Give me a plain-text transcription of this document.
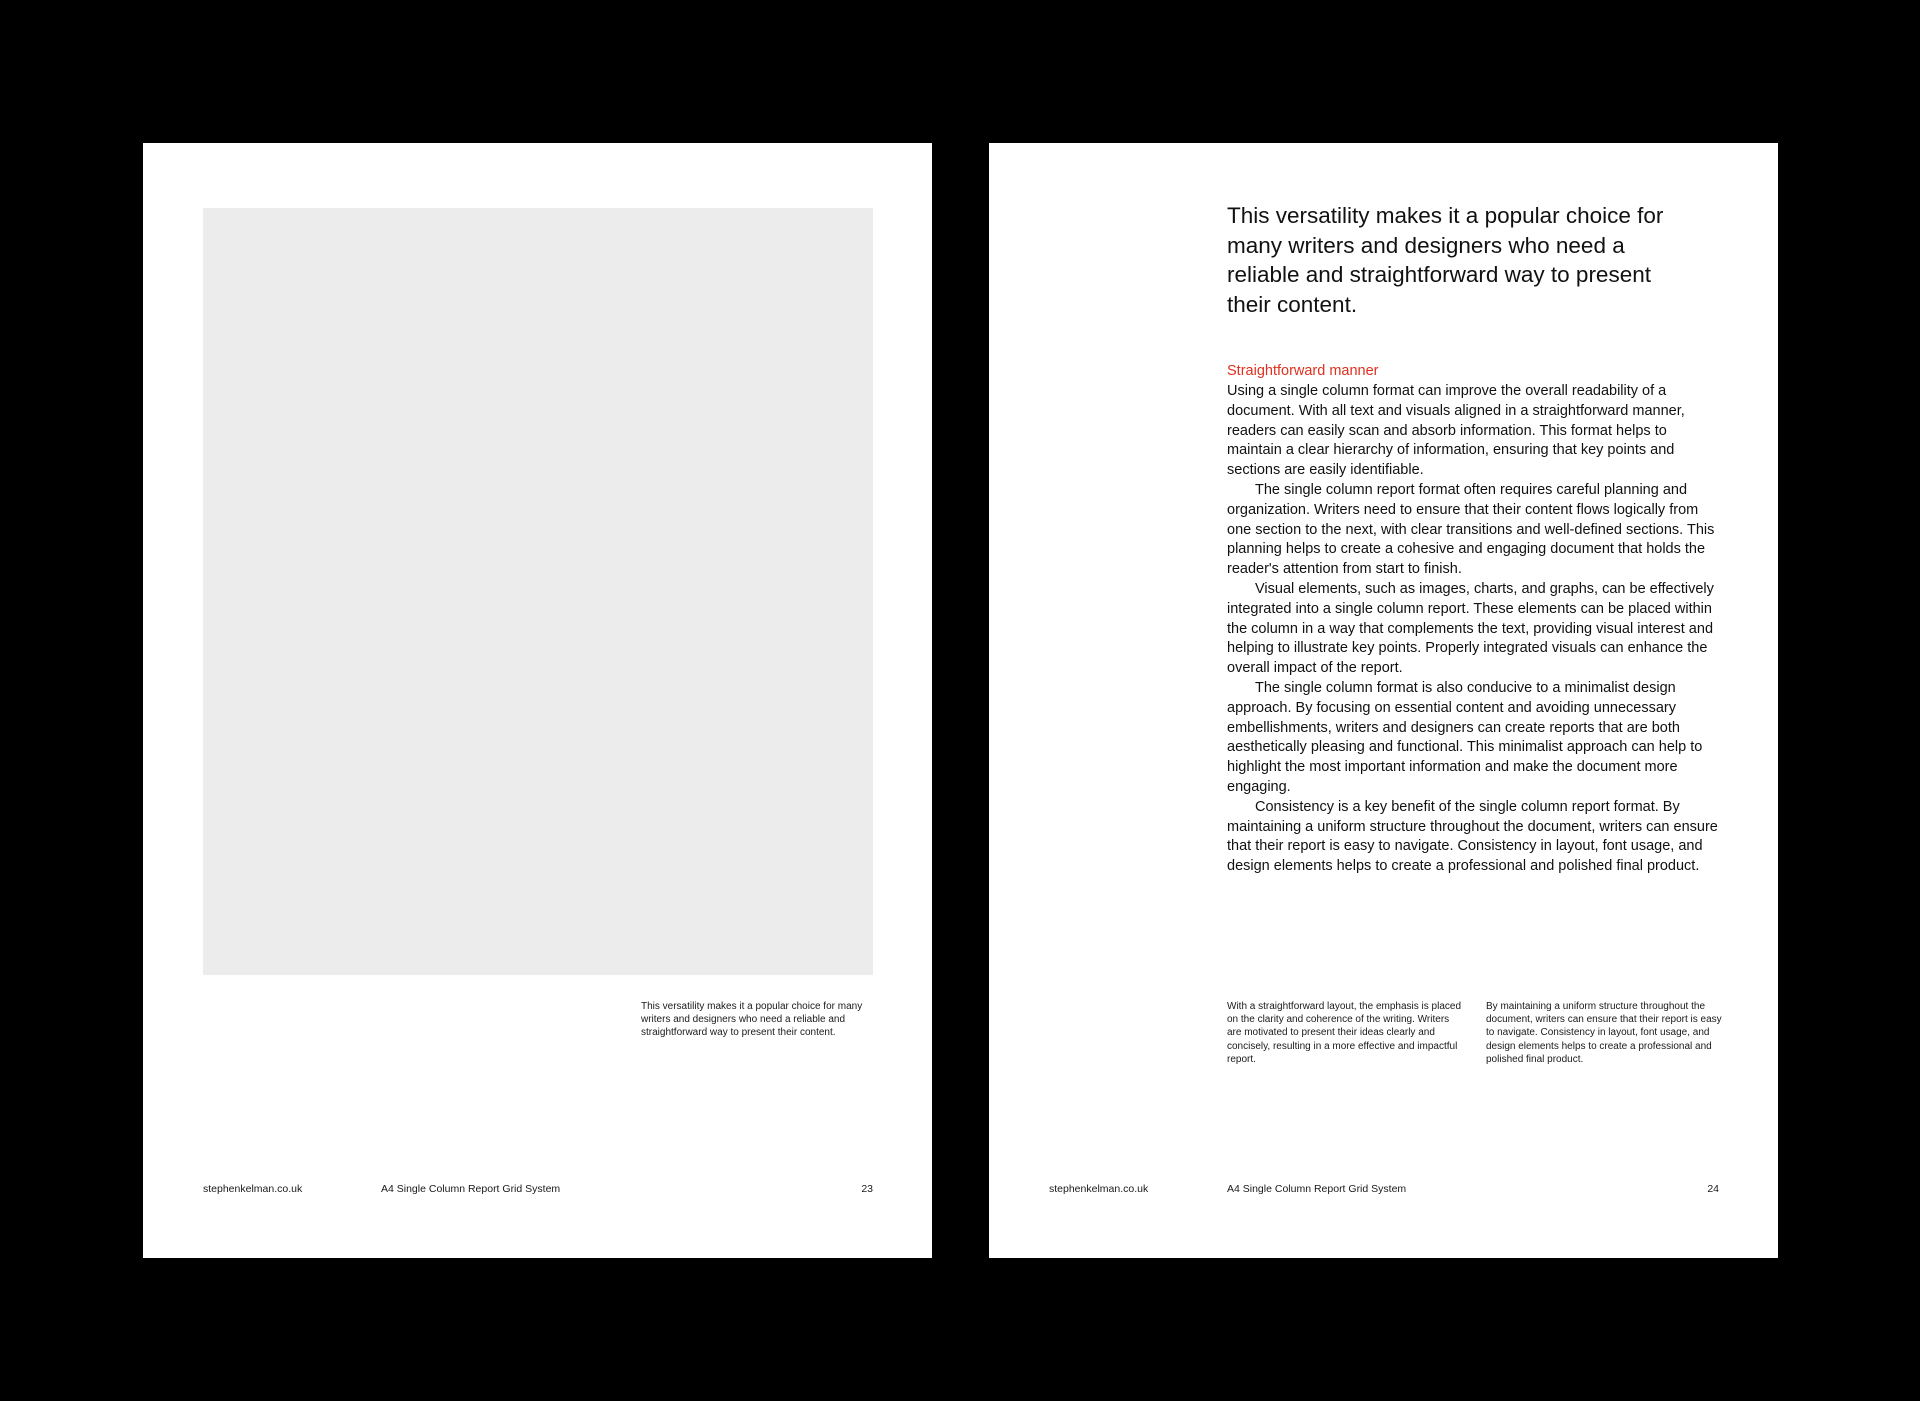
This versatility makes it a popular choice for many writers and designers who need a reliable and straightforward way to present their content.
stephenkelman.co.uk	A4 Single Column Report Grid System	23
This versatility makes it a popular choice for many writers and designers who need a reliable and straightforward way to present their content.
Straightforward manner

Using a single column format can improve the overall readability of a document. With all text and visuals aligned in a straightforward manner, readers can easily scan and absorb information. This format helps to maintain a clear hierarchy of information, ensuring that key points and sections are easily identifiable.

The single column report format often requires careful planning and organization. Writers need to ensure that their content flows logically from one section to the next, with clear transitions and well-defined sections. This planning helps to create a cohesive and engaging document that holds the reader's attention from start to finish.

Visual elements, such as images, charts, and graphs, can be effectively integrated into a single column report. These elements can be placed within the column in a way that complements the text, providing visual interest and helping to illustrate key points. Properly integrated visuals can enhance the overall impact of the report.

The single column format is also conducive to a minimalist design approach. By focusing on essential content and avoiding unnecessary embellishments, writers and designers can create reports that are both aesthetically pleasing and functional. This minimalist approach can help to highlight the most important information and make the document more engaging.

Consistency is a key benefit of the single column report format. By maintaining a uniform structure throughout the document, writers can ensure that their report is easy to navigate. Consistency in layout, font usage, and design elements helps to create a professional and polished final product.

With a straightforward layout, the emphasis is placed on the clarity and coherence of the writing. Writers are motivated to present their ideas clearly and concisely, resulting in a more effective and impactful report.
By maintaining a uniform structure throughout the document, writers can ensure that their report is easy to navigate. Consistency in layout, font usage, and design elements helps to create a professional and polished final product.
stephenkelman.co.uk	A4 Single Column Report Grid System	24
